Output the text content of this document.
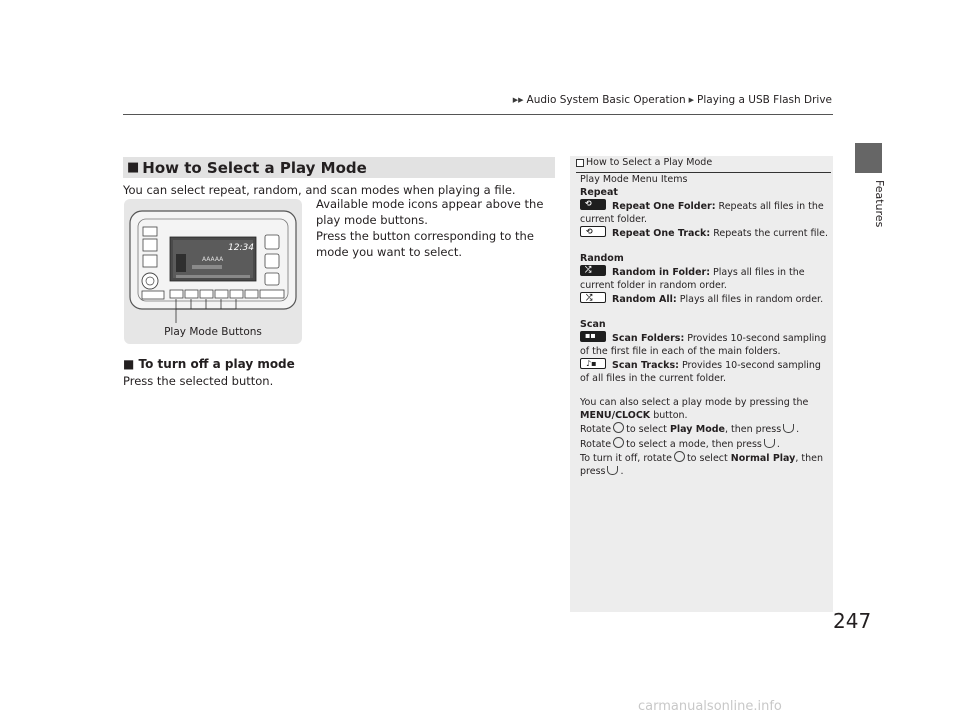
▶▶ Audio System Basic Operation ▶ Playing a USB Flash Drive
Features
■ How to Select a Play Mode
You can select repeat, random, and scan modes when playing a file.
12:34
AAAAA
Play Mode Buttons

Available mode icons appear above the play mode buttons.

Press the button corresponding to the mode you want to select.

■ To turn off a play mode
Press the selected button.
How to Select a Play Mode

Play Mode Menu Items

Repeat

⟲ Repeat One Folder: Repeats all files in the current folder.

⟲ Repeat One Track: Repeats the current file.

Random

⤮ Random in Folder: Plays all files in the current folder in random order.

⤮ Random All: Plays all files in random order.

Scan

▪▪ Scan Folders: Provides 10-second sampling of the first file in each of the main folders.

♪▪ Scan Tracks: Provides 10-second sampling of all files in the current folder.

You can also select a play mode by pressing the MENU/CLOCK button.

Rotate to select Play Mode, then press .

Rotate to select a mode, then press .

To turn it off, rotate to select Normal Play, then press .

247
carmanualsonline.info
